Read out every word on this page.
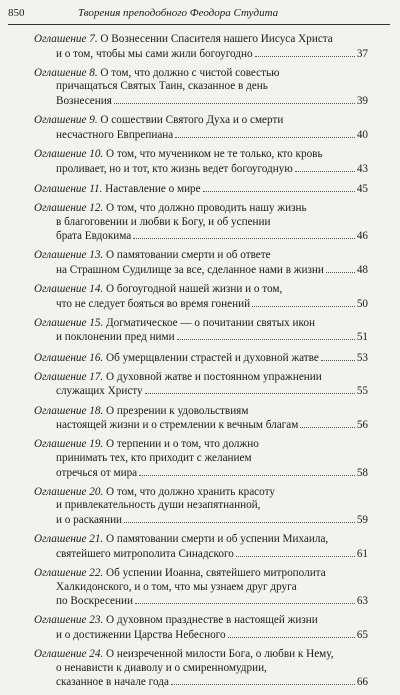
850	Творения преподобного Феодора Студита
Оглашение 7. О Вознесении Спасителя нашего Иисуса Христа
и о том, чтобы мы сами жили богоугодно	37
Оглашение 8. О том, что должно с чистой совестью
причащаться Святых Таин, сказанное в день
Вознесения	39
Оглашение 9. О сошествии Святого Духа и о смерти
несчастного Евпрепиана	40
Оглашение 10. О том, что мучеником не те только, кто кровь
проливает, но и тот, кто жизнь ведет богоугодную	43
Оглашение 11. Наставление о мире	45
Оглашение 12. О том, что должно проводить нашу жизнь
в благоговении и любви к Богу, и об успении
брата Евдокима	46
Оглашение 13. О памятовании смерти и об ответе
на Страшном Судилище за все, сделанное нами в жизни	48
Оглашение 14. О богоугодной нашей жизни и о том,
что не следует бояться во время гонений	50
Оглашение 15. Догматическое — о почитании святых икон
и поклонении пред ними	51
Оглашение 16. Об умерщвлении страстей и духовной жатве	53
Оглашение 17. О духовной жатве и постоянном упражнении
служащих Христу	55
Оглашение 18. О презрении к удовольствиям
настоящей жизни и о стремлении к вечным благам	56
Оглашение 19. О терпении и о том, что должно
принимать тех, кто приходит с желанием
отречься от мира	58
Оглашение 20. О том, что должно хранить красоту
и привлекательность души незапятнанной,
и о раскаянии	59
Оглашение 21. О памятовании смерти и об успении Михаила,
святейшего митрополита Синадского	61
Оглашение 22. Об успении Иоанна, святейшего митрополита
Халкидонского, и о том, что мы узнаем друг друга
по Воскресении	63
Оглашение 23. О духовном празднестве в настоящей жизни
и о достижении Царства Небесного	65
Оглашение 24. О неизреченной милости Бога, о любви к Нему,
о ненависти к диаволу и о смиренномудрии,
сказанное в начале года	66
